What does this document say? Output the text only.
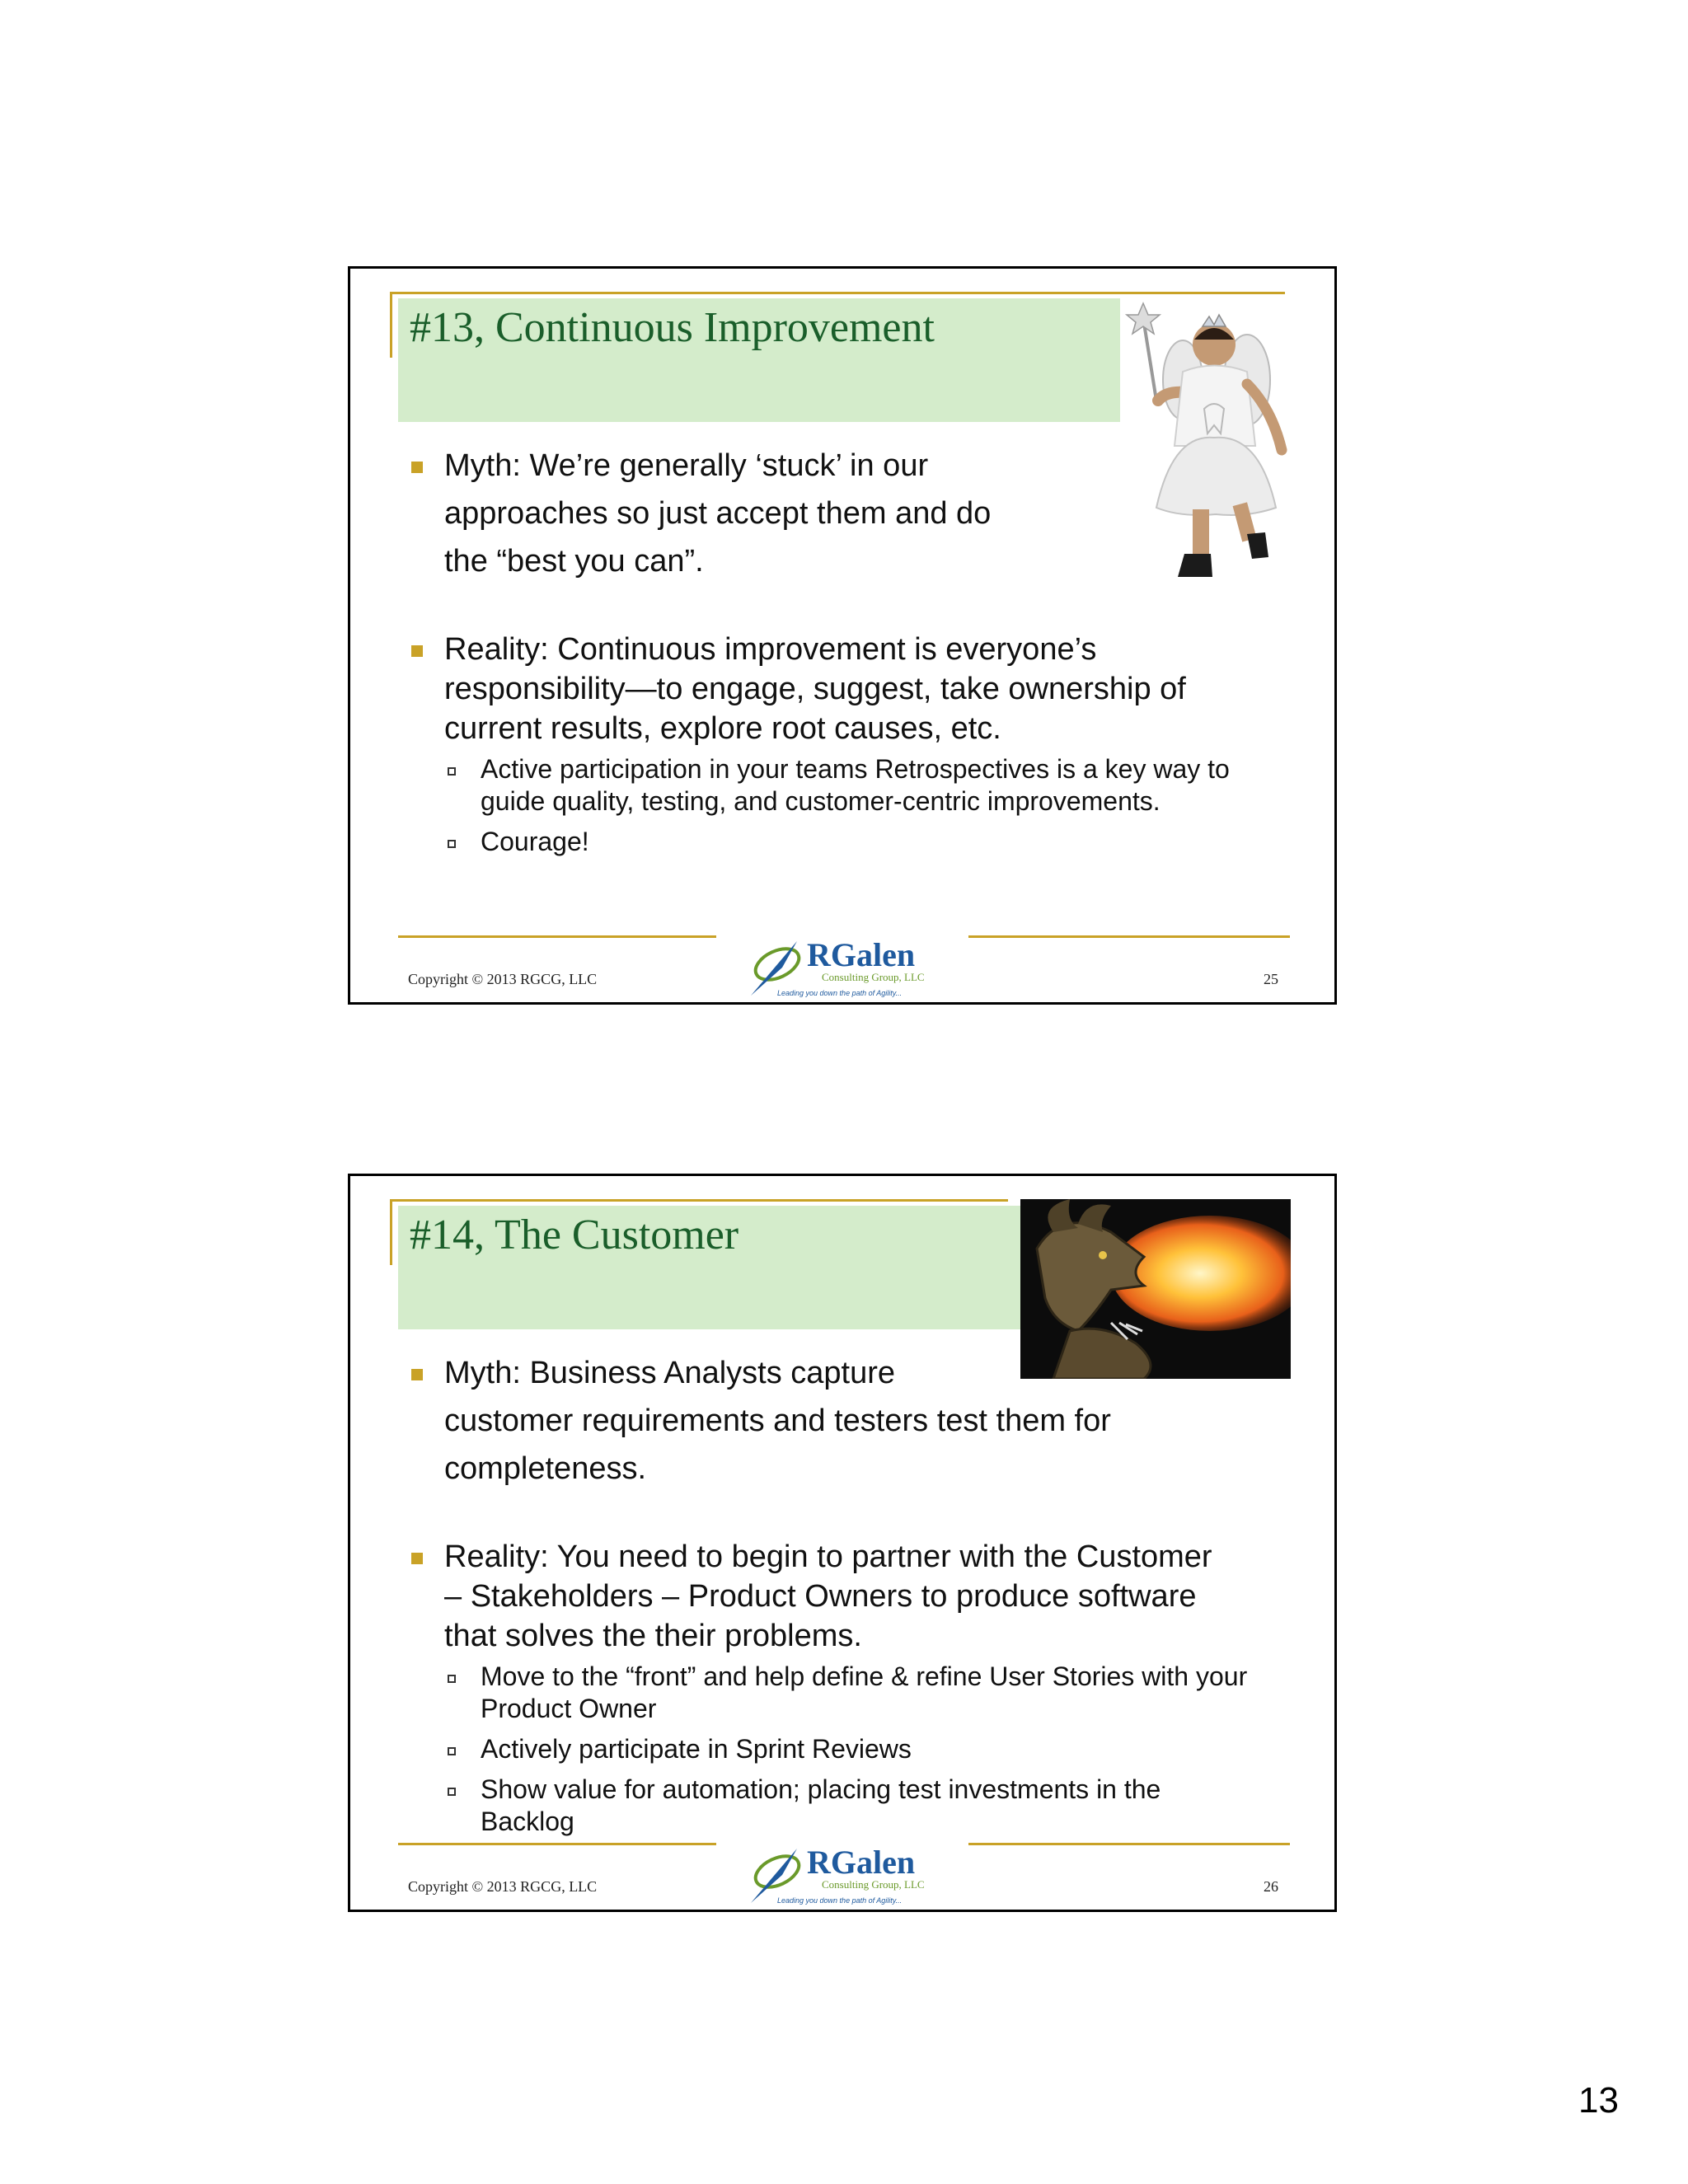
#13, Continuous Improvement
Myth: We’re generally ‘stuck’ in our
approaches so just accept them and do
the “best you can”.
Reality: Continuous improvement is everyone’s
responsibility—to engage, suggest, take ownership of
current results, explore root causes, etc.
Active participation in your teams Retrospectives is a key way to
guide quality, testing, and customer-centric improvements.
Courage!
Copyright © 2013 RGCG, LLC	25
RGalen
Consulting Group, LLC
Leading you down the path of Agility...
#14, The Customer
Myth: Business Analysts capture
customer requirements and testers test them for
completeness.
Reality: You need to begin to partner with the Customer
– Stakeholders – Product Owners to produce software
that solves the their problems.
Move to the “front” and help define & refine User Stories with your
Product Owner
Actively participate in Sprint Reviews
Show value for automation; placing test investments in the
Backlog
Copyright © 2013 RGCG, LLC	26
RGalen
Consulting Group, LLC
Leading you down the path of Agility...
13
